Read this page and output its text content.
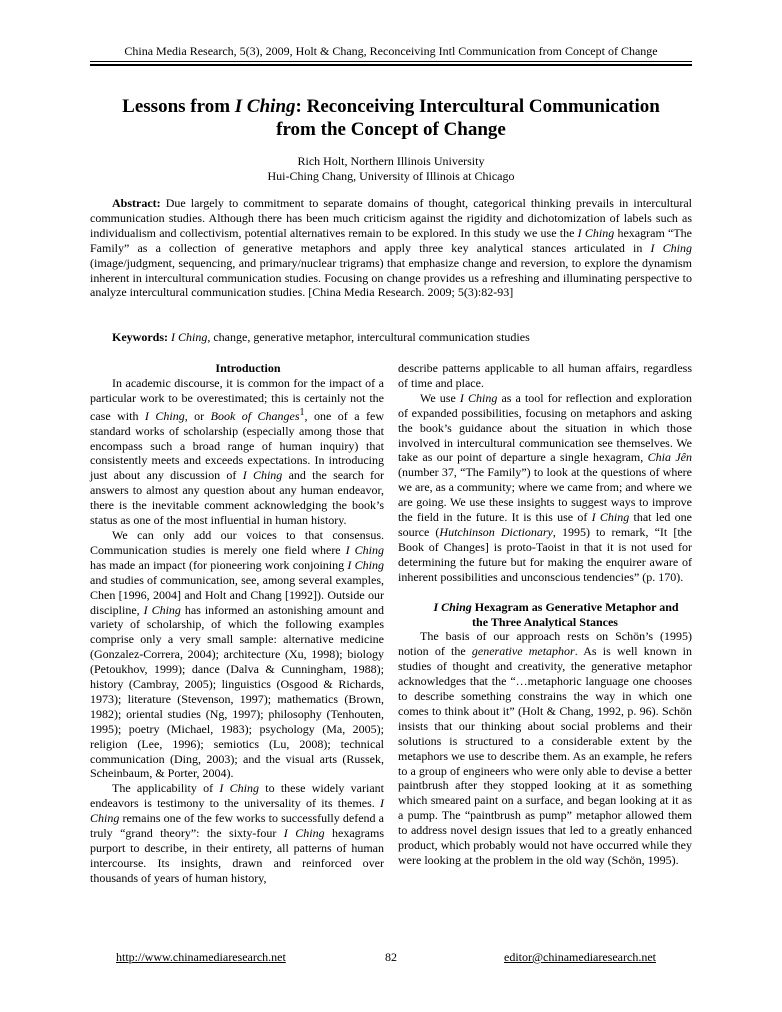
China Media Research, 5(3), 2009, Holt & Chang, Reconceiving Intl Communication from Concept of Change
Lessons from I Ching: Reconceiving Intercultural Communication
from the Concept of Change
Rich Holt, Northern Illinois University
Hui-Ching Chang, University of Illinois at Chicago
Abstract: Due largely to commitment to separate domains of thought, categorical thinking prevails in intercultural communication studies. Although there has been much criticism against the rigidity and dichotomization of labels such as individualism and collectivism, potential alternatives remain to be explored. In this study we use the I Ching hexagram “The Family” as a collection of generative metaphors and apply three key analytical stances articulated in I Ching (image/judgment, sequencing, and primary/nuclear trigrams) that emphasize change and reversion, to explore the dynamism inherent in intercultural communication studies. Focusing on change provides us a refreshing and illuminating perspective to analyze intercultural communication studies. [China Media Research. 2009; 5(3):82-93]
Keywords: I Ching, change, generative metaphor, intercultural communication studies

Introduction

In academic discourse, it is common for the impact of a particular work to be overestimated; this is certainly not the case with I Ching, or Book of Changes$^1$, one of a few standard works of scholarship (especially among those that encompass such a broad range of human inquiry) that consistently meets and exceeds expectations. In introducing just about any discussion of I Ching and the search for answers to almost any question about any human endeavor, there is the inevitable comment acknowledging the book’s status as one of the most influential in human history.

We can only add our voices to that consensus. Communication studies is merely one field where I Ching has made an impact (for pioneering work conjoining I Ching and studies of communication, see, among several examples, Chen [1996, 2004] and Holt and Chang [1992]). Outside our discipline, I Ching has informed an astonishing amount and variety of scholarship, of which the following examples comprise only a very small sample: alternative medicine (Gonzalez-Correra, 2004); architecture (Xu, 1998); biology (Petoukhov, 1999); dance (Dalva & Cunningham, 1988); history (Cambray, 2005); linguistics (Osgood & Richards, 1973); literature (Stevenson, 1997); mathematics (Brown, 1982); oriental studies (Ng, 1997); philosophy (Tenhouten, 1995); poetry (Michael, 1983); psychology (Ma, 2005); religion (Lee, 1996); semiotics (Lu, 2008); technical communication (Ding, 2003); and the visual arts (Russek, Scheinbaum, & Porter, 2004).

The applicability of I Ching to these widely variant endeavors is testimony to the universality of its themes. I Ching remains one of the few works to successfully defend a truly “grand theory”: the sixty-four I Ching hexagrams purport to describe, in their entirety, all patterns of human intercourse. Its insights, drawn and reinforced over thousands of years of human history,

describe patterns applicable to all human affairs, regardless of time and place.

We use I Ching as a tool for reflection and exploration of expanded possibilities, focusing on metaphors and asking the book’s guidance about the situation in which those involved in intercultural communication see themselves. We take as our point of departure a single hexagram, Chia Jên (number 37, “The Family”) to look at the questions of where we are, as a community; where we came from; and where we are going. We use these insights to suggest ways to improve the field in the future. It is this use of I Ching that led one source (Hutchinson Dictionary, 1995) to remark, “It [the Book of Changes] is proto-Taoist in that it is not used for determining the future but for making the enquirer aware of inherent possibilities and unconscious tendencies” (p. 170).

I Ching Hexagram as Generative Metaphor and
the Three Analytical Stances

The basis of our approach rests on Schön’s (1995) notion of the generative metaphor. As is well known in studies of thought and creativity, the generative metaphor acknowledges that the “…metaphoric language one chooses to describe something constrains the way in which one comes to think about it” (Holt & Chang, 1992, p. 96). Schön insists that our thinking about social problems and their solutions is structured to a considerable extent by the metaphors we use to describe them. As an example, he refers to a group of engineers who were only able to devise a better paintbrush after they stopped looking at it as something which smeared paint on a surface, and began looking at it as a pump. The “paintbrush as pump” metaphor allowed them to address novel design issues that led to a greatly enhanced product, which probably would not have occurred while they were looking at the problem in the old way (Schön, 1995).

http://www.chinamediaresearch.net	82	editor@chinamediaresearch.net
